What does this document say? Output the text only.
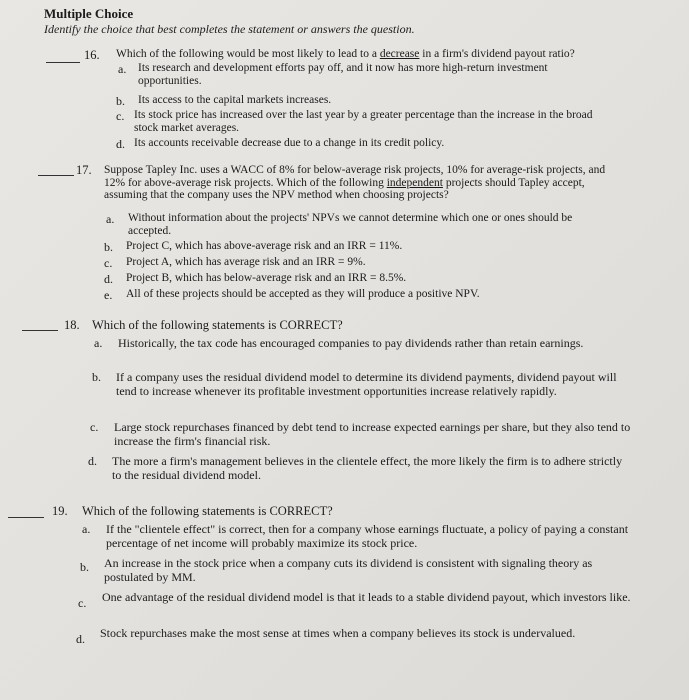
Multiple Choice
Identify the choice that best completes the statement or answers the question.
16. Which of the following would be most likely to lead to a decrease in a firm's dividend payout ratio?
a. Its research and development efforts pay off, and it now has more high-return investment opportunities.
b. Its access to the capital markets increases.
c. Its stock price has increased over the last year by a greater percentage than the increase in the broad stock market averages.
d. Its accounts receivable decrease due to a change in its credit policy.
17. Suppose Tapley Inc. uses a WACC of 8% for below-average risk projects, 10% for average-risk projects, and
12% for above-average risk projects. Which of the following independent projects should Tapley accept,
assuming that the company uses the NPV method when choosing projects?
a. Without information about the projects' NPVs we cannot determine which one or ones should be accepted.
b. Project C, which has above-average risk and an IRR = 11%.
c. Project A, which has average risk and an IRR = 9%.
d. Project B, which has below-average risk and an IRR = 8.5%.
e. All of these projects should be accepted as they will produce a positive NPV.
18. Which of the following statements is CORRECT?
a. Historically, the tax code has encouraged companies to pay dividends rather than retain earnings.
b. If a company uses the residual dividend model to determine its dividend payments, dividend payout will tend to increase whenever its profitable investment opportunities increase relatively rapidly.
c. Large stock repurchases financed by debt tend to increase expected earnings per share, but they also tend to increase the firm's financial risk.
d. The more a firm's management believes in the clientele effect, the more likely the firm is to adhere strictly to the residual dividend model.
19. Which of the following statements is CORRECT?
a. If the "clientele effect" is correct, then for a company whose earnings fluctuate, a policy of paying a constant percentage of net income will probably maximize its stock price.
b. An increase in the stock price when a company cuts its dividend is consistent with signaling theory as postulated by MM.
c. One advantage of the residual dividend model is that it leads to a stable dividend payout, which investors like.
d. Stock repurchases make the most sense at times when a company believes its stock is undervalued.
